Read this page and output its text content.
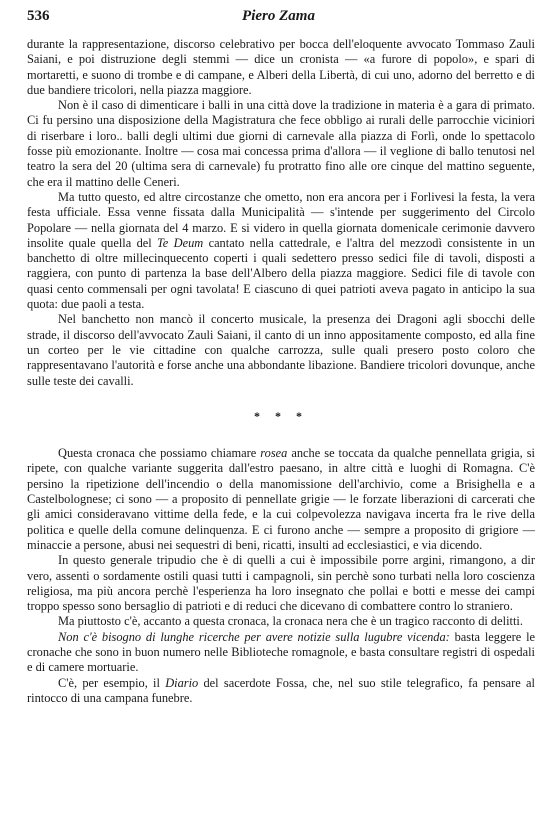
536	Piero Zama

durante la rappresentazione, discorso celebrativo per bocca dell'eloquente avvocato Tommaso Zauli Saiani, e poi distruzione degli stemmi — dice un cronista — «a furore di popolo», e spari di mortaretti, e suono di trombe e di campane, e Alberi della Libertà, di cui uno, adorno del berretto e di due bandiere tricolori, nella piazza maggiore.

Non è il caso di dimenticare i balli in una città dove la tradizione in materia è a gara di primato. Ci fu persino una disposizione della Magistratura che fece obbligo ai rurali delle parrocchie viciniori di riserbare i loro.. balli degli ultimi due giorni di carnevale alla piazza di Forlì, onde lo spettacolo fosse più emozionante. Inoltre — cosa mai concessa prima d'allora — il veglione di ballo tenutosi nel teatro la sera del 20 (ultima sera di carnevale) fu protratto fino alle ore cinque del mattino seguente, che era il mattino delle Ceneri.

Ma tutto questo, ed altre circostanze che ometto, non era ancora per i Forlivesi la festa, la vera festa ufficiale. Essa venne fissata dalla Municipalità — s'intende per suggerimento del Circolo Popolare — nella giornata del 4 marzo. E si videro in quella giornata domenicale cerimonie davvero insolite quale quella del Te Deum cantato nella cattedrale, e l'altra del mezzodì consistente in un banchetto di oltre millecinquecento coperti i quali sedettero presso sedici file di tavoli, disposti a raggiera, con punto di partenza la base dell'Albero della piazza maggiore. Sedici file di tavole con quasi cento commensali per ogni tavolata! E ciascuno di quei patrioti aveva pagato in anticipo la sua quota: due paoli a testa.

Nel banchetto non mancò il concerto musicale, la presenza dei Dragoni agli sbocchi delle strade, il discorso dell'avvocato Zauli Saiani, il canto di un inno appositamente composto, ed alla fine un corteo per le vie cittadine con qualche carrozza, sulle quali presero posto coloro che rappresentavano l'autorità e forse anche una abbondante libazione. Bandiere tricolori dovunque, anche sulle teste dei cavalli.

* * *

Questa cronaca che possiamo chiamare rosea anche se toccata da qualche pennellata grigia, si ripete, con qualche variante suggerita dall'estro paesano, in altre città e luoghi di Romagna. C'è persino la ripetizione dell'incendio o della manomissione dell'archivio, come a Brisighella e a Castelbolognese; ci sono — a proposito di pennellate grigie — le forzate liberazioni di carcerati che gli amici consideravano vittime della fede, e la cui colpevolezza navigava incerta fra le rive della politica e quelle della comune delinquenza. E ci furono anche — sempre a proposito di grigiore — minaccie a persone, abusi nei sequestri di beni, ricatti, insulti ad ecclesiastici, e via dicendo.

In questo generale tripudio che è di quelli a cui è impossibile porre argini, rimangono, a dir vero, assenti o sordamente ostili quasi tutti i campagnoli, sin perchè sono turbati nella loro coscienza religiosa, ma più ancora perchè l'esperienza ha loro insegnato che pollai e botti e messe dei campi troppo spesso sono bersaglio di patrioti e di reduci che dicevano di combattere contro lo straniero.

Ma piuttosto c'è, accanto a questa cronaca, la cronaca nera che è un tragico racconto di delitti.

Non c'è bisogno di lunghe ricerche per avere notizie sulla lugubre vicenda: basta leggere le cronache che sono in buon numero nelle Biblioteche romagnole, e basta consultare registri di ospedali e di camere mortuarie.

C'è, per esempio, il Diario del sacerdote Fossa, che, nel suo stile telegrafico, fa pensare al rintocco di una campana funebre.
